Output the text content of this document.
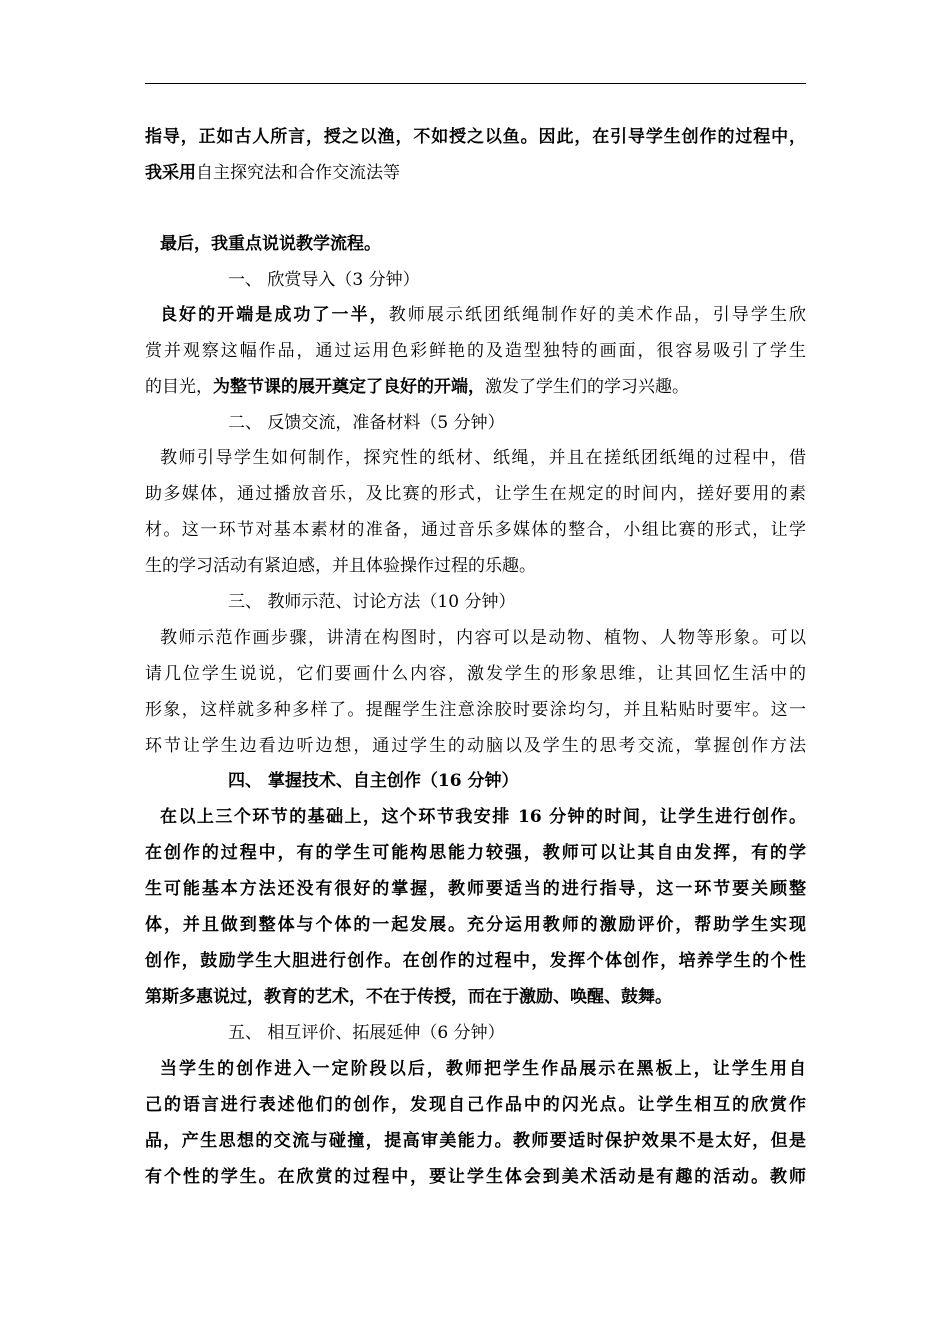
指导，正如古人所言，授之以渔，不如授之以鱼。因此，在引导学生创作的过程中，
我采用自主探究法和合作交流法等
最后，我重点说说教学流程。
一、 欣赏导入（3 分钟）
良好的开端是成功了一半，教师展示纸团纸绳制作好的美术作品，引导学生欣
赏并观察这幅作品，通过运用色彩鲜艳的及造型独特的画面，很容易吸引了学生
的目光，为整节课的展开奠定了良好的开端，激发了学生们的学习兴趣。
二、 反馈交流，准备材料（5 分钟）
教师引导学生如何制作，探究性的纸材、纸绳，并且在搓纸团纸绳的过程中，借
助多媒体，通过播放音乐，及比赛的形式，让学生在规定的时间内，搓好要用的素
材。这一环节对基本素材的准备，通过音乐多媒体的整合，小组比赛的形式，让学
生的学习活动有紧迫感，并且体验操作过程的乐趣。
三、 教师示范、讨论方法（10 分钟）
教师示范作画步骤，讲清在构图时，内容可以是动物、植物、人物等形象。可以
请几位学生说说，它们要画什么内容，激发学生的形象思维，让其回忆生活中的
形象，这样就多种多样了。提醒学生注意涂胶时要涂均匀，并且粘贴时要牢。这一
环节让学生边看边听边想，通过学生的动脑以及学生的思考交流，掌握创作方法
四、 掌握技术、自主创作（16 分钟）
在以上三个环节的基础上，这个环节我安排 16 分钟的时间，让学生进行创作。
在创作的过程中，有的学生可能构思能力较强，教师可以让其自由发挥，有的学
生可能基本方法还没有很好的掌握，教师要适当的进行指导，这一环节要关顾整
体，并且做到整体与个体的一起发展。充分运用教师的激励评价，帮助学生实现
创作，鼓励学生大胆进行创作。在创作的过程中，发挥个体创作，培养学生的个性
第斯多惠说过，教育的艺术，不在于传授，而在于激励、唤醒、鼓舞。
五、 相互评价、拓展延伸（6 分钟）
当学生的创作进入一定阶段以后，教师把学生作品展示在黑板上，让学生用自
己的语言进行表述他们的创作，发现自己作品中的闪光点。让学生相互的欣赏作
品，产生思想的交流与碰撞，提高审美能力。教师要适时保护效果不是太好，但是
有个性的学生。在欣赏的过程中，要让学生体会到美术活动是有趣的活动。教师
